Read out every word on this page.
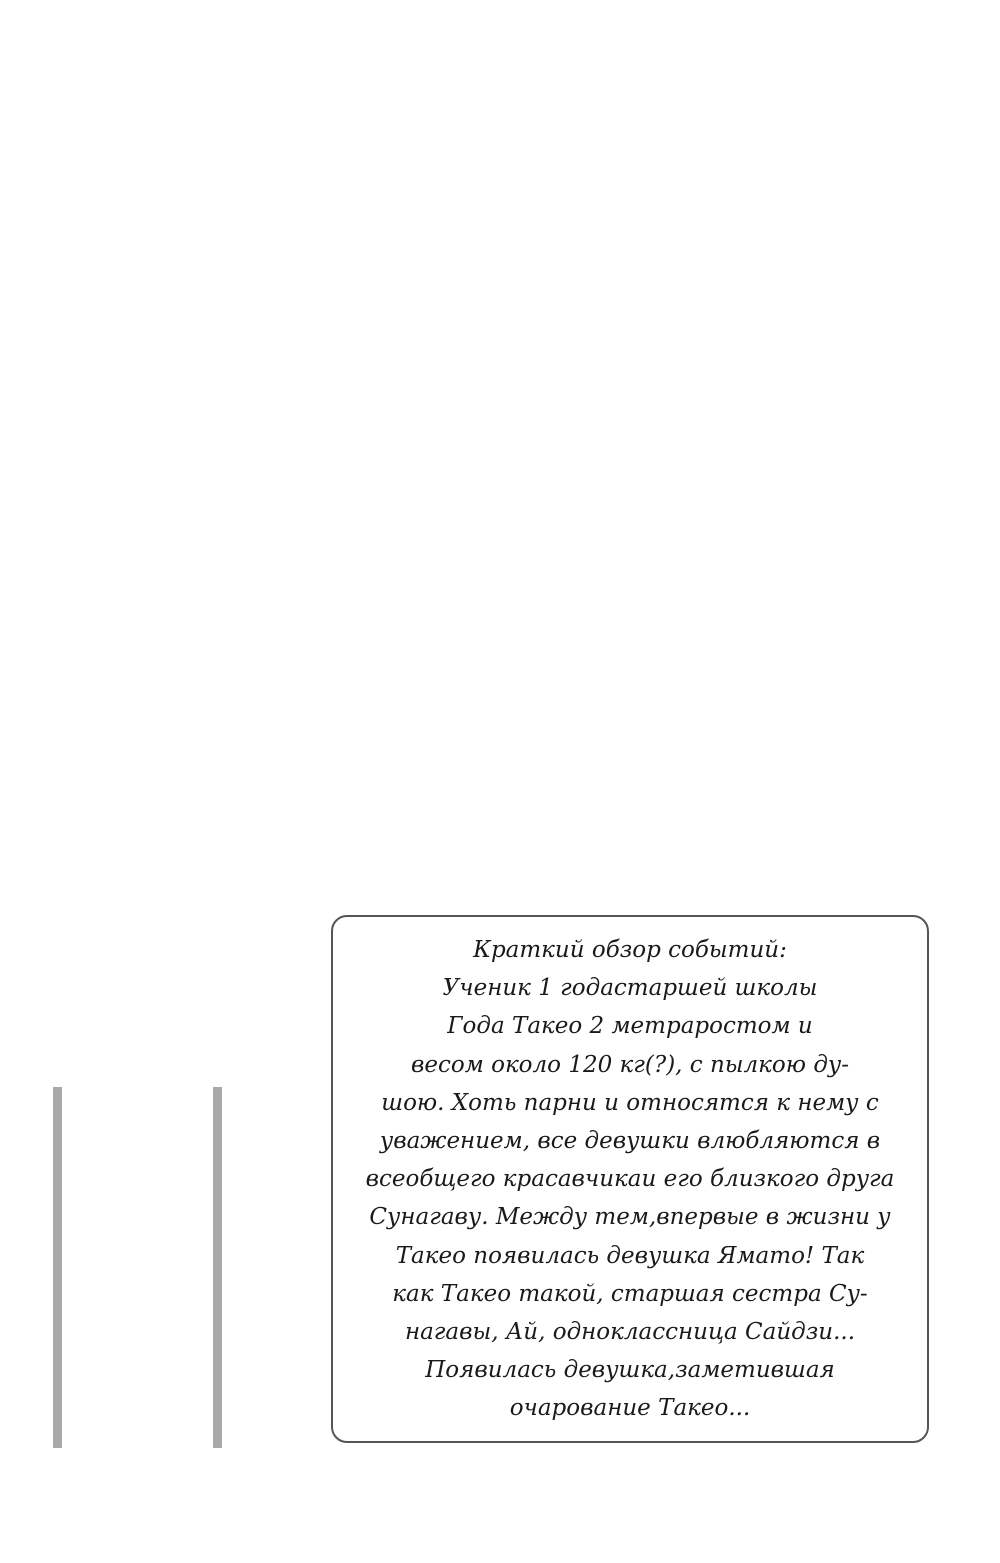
Краткий обзор событий:
Ученик 1 годастаршей школы
Года Такео 2 метраростом и
весом около 120 кг(?), с пылкою ду-
шою. Хоть парни и относятся к нему с
уважением, все девушки влюбляются в
всеобщего красавчикаи его близкого друга
Сунагаву. Между тем,впервые в жизни у
Такео появилась девушка Ямато! Так
как Такео такой, старшая сестра Су-
нагавы, Ай, одноклассница Сайдзи...
Появилась девушка,заметившая
очарование Такео...
